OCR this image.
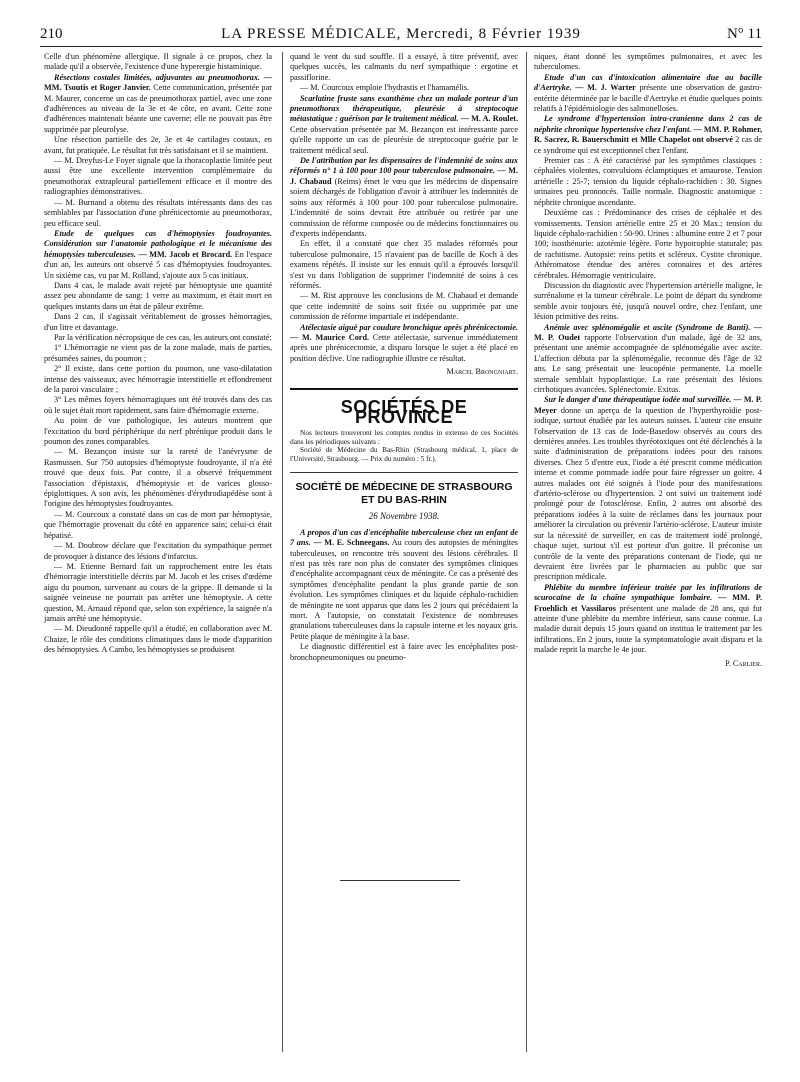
210	LA PRESSE MÉDICALE, Mercredi, 8 Février 1939	N° 11

Celle d'un phénomène allergique. Il signale à ce propos, chez la malade qu'il a observée, l'existence d'une hyperergie histaminique.

Résections costales limitées, adjuvantes au pneumothorax. — MM. Tsoutis et Roger Janvier. Cette communication, présentée par M. Maurer, concerne un cas de pneumothorax partiel, avec une zone d'adhérences au niveau de la 3e et 4e côte, en avant. Cette zone d'adhérences maintenait béante une caverne; elle ne pouvait pas être supprimée par pleurolyse.

Une résection partielle des 2e, 3e et 4e cartilages costaux, en avant, fut pratiquée. Le résultat fut très satisfaisant et il se maintient.

— M. Dreyfus-Le Foyer signale que la thoracoplastie limitée peut aussi être une excellente intervention complémentaire du pneumothorax extrapleural partiellement efficace et il montre des radiographies démonstratives.

— M. Burnand a obtenu des résultats intéressants dans des cas semblables par l'association d'une phrénicectomie au pneumothorax, peu efficace seul.

Etude de quelques cas d'hémoptysies foudroyantes. Considération sur l'anatomie pathologique et le mécanisme des hémoptysies tuberculeuses. — MM. Jacob et Brocard. En l'espace d'un an, les auteurs ont observé 5 cas d'hémoptysies foudroyantes. Un sixième cas, vu par M. Rolland, s'ajoute aux 5 cas initiaux.

Dans 4 cas, le malade avait rejeté par hémoptysie une quantité assez peu abondante de sang: 1 verre au maximum, et était mort en quelques instants dans un état de pâleur extrême.

Dans 2 cas, il s'agissait véritablement de grosses hémorragies, d'un litre et davantage.

Par la vérification nécropsique de ces cas, les auteurs ont constaté:

1° L'hémorragie ne vient pas de la zone malade, mais de parties, présumées saines, du poumon ;

2° Il existe, dans cette portion du poumon, une vaso-dilatation intense des vaisseaux, avec hémorragie interstitielle et effondrement de la paroi vasculaire ;

3° Les mêmes foyers hémorragiques ont été trouvés dans des cas où le sujet était mort rapidement, sans faire d'hémorragie externe.

Au point de vue pathologique, les auteurs montrent que l'excitation du bord périphérique du nerf phrénique produit dans le poumon des zones comparables.

— M. Bezançon insiste sur la rareté de l'anévrysme de Rasmussen. Sur 750 autopsies d'hémoptysie foudroyante, il n'a été trouvé que deux fois. Par contre, il a observé fréquemment l'association d'épistaxis, d'hémoptysie et de varices glosso-épiglottiques. A son avis, les phénomènes d'érythrodiapédèse sont à l'origine des hémoptysies foudroyantes.

— M. Courcoux a constaté dans un cas de mort par hémoptysie, que l'hémorragie provenait du côté en apparence sain; celui-ci était hépatisé.

— M. Doubrow déclare que l'excitation du sympathique permet de provoquer à distance des lésions d'infarctus.

— M. Etienne Bernard fait un rapprochement entre les états d'hémorragie interstitielle décrits par M. Jacob et les crises d'œdème aigu du poumon, survenant au cours de la grippe. Il demande si la saignée veineuse ne pourrait pas arrêter une hémoptysie. A cette question, M. Arnaud répond que, selon son expérience, la saignée n'a jamais arrêté une hémoptysie.

— M. Dieudonné rappelle qu'il a étudié, en collaboration avec M. Chaize, le rôle des conditions climatiques dans le mode d'apparition des hémoptysies. A Cambo, les hémoptysies se produisent

quand le vent du sud souffle. Il a essayé, à titre préventif, avec quelques succès, les calmants du nerf sympathique : ergotine et passiflorine.

— M. Courcoux emploie l'hydrastis et l'hamamélis.

Scarlatine fruste sans exanthème chez un malade porteur d'un pneumothorax thérapeutique, pleurésie à streptocoque métastatique : guérison par le traitement médical. — M. A. Roulet. Cette observation présentée par M. Bezançon est intéressante parce qu'elle rapporte un cas de pleurésie de streptocoque guérie par le traitement médical seul.

De l'attribution par les dispensaires de l'indemnité de soins aux réformés n° 1 à 100 pour 100 pour tuberculose pulmonaire. — M. J. Chabaud (Reims) émet le vœu que les médecins de dispensaire soient déchargés de l'obligation d'avoir à attribuer les indemnités de soins aux réformés à 100 pour 100 pour tuberculose pulmonaire. L'indemnité de soins devrait être attribuée ou retirée par une commission de réforme composée ou de médecins fonctionnaires ou d'experts indépendants.

En effet, il a constaté que chez 35 malades réformés pour tuberculose pulmonaire, 15 n'avaient pas de bacille de Koch à des examens répétés. Il insiste sur les ennuis qu'il a éprouvés lorsqu'il s'est vu dans l'obligation de supprimer l'indemnité de soins à ces réformés.

— M. Rist approuve les conclusions de M. Chabaud et demande que cette indemnité de soins soit fixée ou supprimée par une commission de réforme impartiale et indépendante.

Atélectasie aiguë par coudure bronchique après phrénicectomie. — M. Maurice Cord. Cette atélectasie, survenue immédiatement après une phrénicectomie, a disparu lorsque le sujet a été placé en position déclive. Une radiographie illustre ce résultat.

Marcel Brongniart.

SOCIÉTÉS DE PROVINCE

Nos lecteurs trouveront les comptes rendus in extenso de ces Sociétés dans les périodiques suivants :

Société de Médecine du Bas-Rhin (Strasbourg médical, 1, place de l'Université, Strasbourg. — Prix du numéro : 5 fr.).

SOCIÉTÉ DE MÉDECINE DE STRASBOURG ET DU BAS-RHIN
26 Novembre 1938.

A propos d'un cas d'encéphalite tuberculeuse chez un enfant de 7 ans. — M. E. Schneegans. Au cours des autopsies de méningites tuberculeuses, on rencontre très souvent des lésions cérébrales. Il n'est pas très rare non plus de constater des symptômes cliniques d'encéphalite accompagnant ceux de méningite. Ce cas a présenté des symptômes d'encéphalite pendant la plus grande partie de son évolution. Les symptômes cliniques et du liquide céphalo-rachidien de méningite ne sont apparus que dans les 2 jours qui précédaient la mort. A l'autopsie, on constatait l'existence de nombreuses granulations tuberculeuses dans la capsule interne et les noyaux gris. Petite plaque de méningite à la base.

Le diagnostic différentiel est à faire avec les encéphalites post-bronchopneumoniques ou pneumo-

niques, étant donné les symptômes pulmonaires, et avec les tuberculomes.

Etude d'un cas d'intoxication alimentaire due au bacille d'Aertryke. — M. J. Warter présente une observation de gastro-entérite déterminée par le bacille d'Aertryke et étudie quelques points relatifs à l'épidémiologie des salmonelloses.

Le syndrome d'hypertension intra-cranienne dans 2 cas de néphrite chronique hypertensive chez l'enfant. — MM. P. Rohmer, R. Sacrez, R. Bauerschmitt et Mlle Chapelot ont observé 2 cas de ce syndrome qui est exceptionnel chez l'enfant.

Premier cas : A été caractérisé par les symptômes classiques : céphalées violentes, convulsions éclamptiques et amaurose. Tension artérielle : 25-7; tension du liquide céphalo-rachidien : 30. Signes urinaires peu prononcés. Taille normale. Diagnostic anatomique : néphrite chronique ascendante.

Deuxième cas : Prédominance des crises de céphalée et des vomissements. Tension artérielle entre 25 et 20 Max.; tension du liquide céphalo-rachidien : 50-90. Urines : albumine entre 2 et 7 pour 100; isosthénurie: azotémie légère. Forte hypotrophie staturale; pas de rachitisme. Autopsie: reins petits et scléreux. Cystite chronique. Athéromatose étendue des artères coronaires et des artères cérébrales. Hémorragie ventriculaire.

Discussion du diagnostic avec l'hypertension artérielle maligne, le surrénalome et la tumeur cérébrale. Le point de départ du syndrome semble avoir toujours été, jusqu'à nouvel ordre, chez l'enfant, une lésion primitive des reins.

Anémie avec splénomégalie et ascite (Syndrome de Banti). — M. P. Oudet rapporte l'observation d'un malade, âgé de 32 ans, présentant une anémie accompagnée de splénomégalie avec ascite. L'affection débuta par la splénomégalie, reconnue dès l'âge de 32 ans. Le sang présentait une leucopénie permanente. La moelle sternale semblait hypoplastique. La rate présentait des lésions cirrhotiques avancées. Splénectomie. Exitus.

Sur le danger d'une thérapeutique iodée mal surveillée. — M. P. Meyer donne un aperçu de la question de l'hyperthyroïdie post-iodique, surtout étudiée par les auteurs suisses. L'auteur cite ensuite l'observation de 13 cas de Iode-Basedow observés au cours des dernières années. Les troubles thyréotoxiques ont été déclenchés à la suite d'administration de préparations iodées pour des raisons diverses. Chez 5 d'entre eux, l'iode a été prescrit comme médication interne et comme pommade iodée pour faire régresser un goitre. 4 autres malades ont été soignés à l'iode pour des manifestations d'artério-sclérose ou d'hypertension. 2 ont suivi un traitement iodé prolongé pour de l'otosclérose. Enfin, 2 autres ont absorbé des préparations iodées à la suite de réclames dans les journaux pour améliorer la circulation ou prévenir l'artério-sclérose. L'auteur insiste sur la nécessité de surveiller, en cas de traitement iodé prolongé, chaque sujet, surtout s'il est porteur d'un goitre. Il préconise un contrôle de la vente des préparations contenant de l'iode, qui ne devraient être livrées par le pharmacien au public que sur prescription médicale.

Phlébite du membre inférieur traitée par les infiltrations de scurocaïne de la chaîne sympathique lombaire. — MM. P. Froehlich et Vassilaros présentent une malade de 28 ans, qui fut atteinte d'une phlébite du membre inférieur, sans cause connue. La maladie durait depuis 15 jours quand on institua le traitement par les infiltrations. En 2 jours, toute la symptomatologie avait disparu et la malade reprit la marche le 4e jour.

P. Carlier.
